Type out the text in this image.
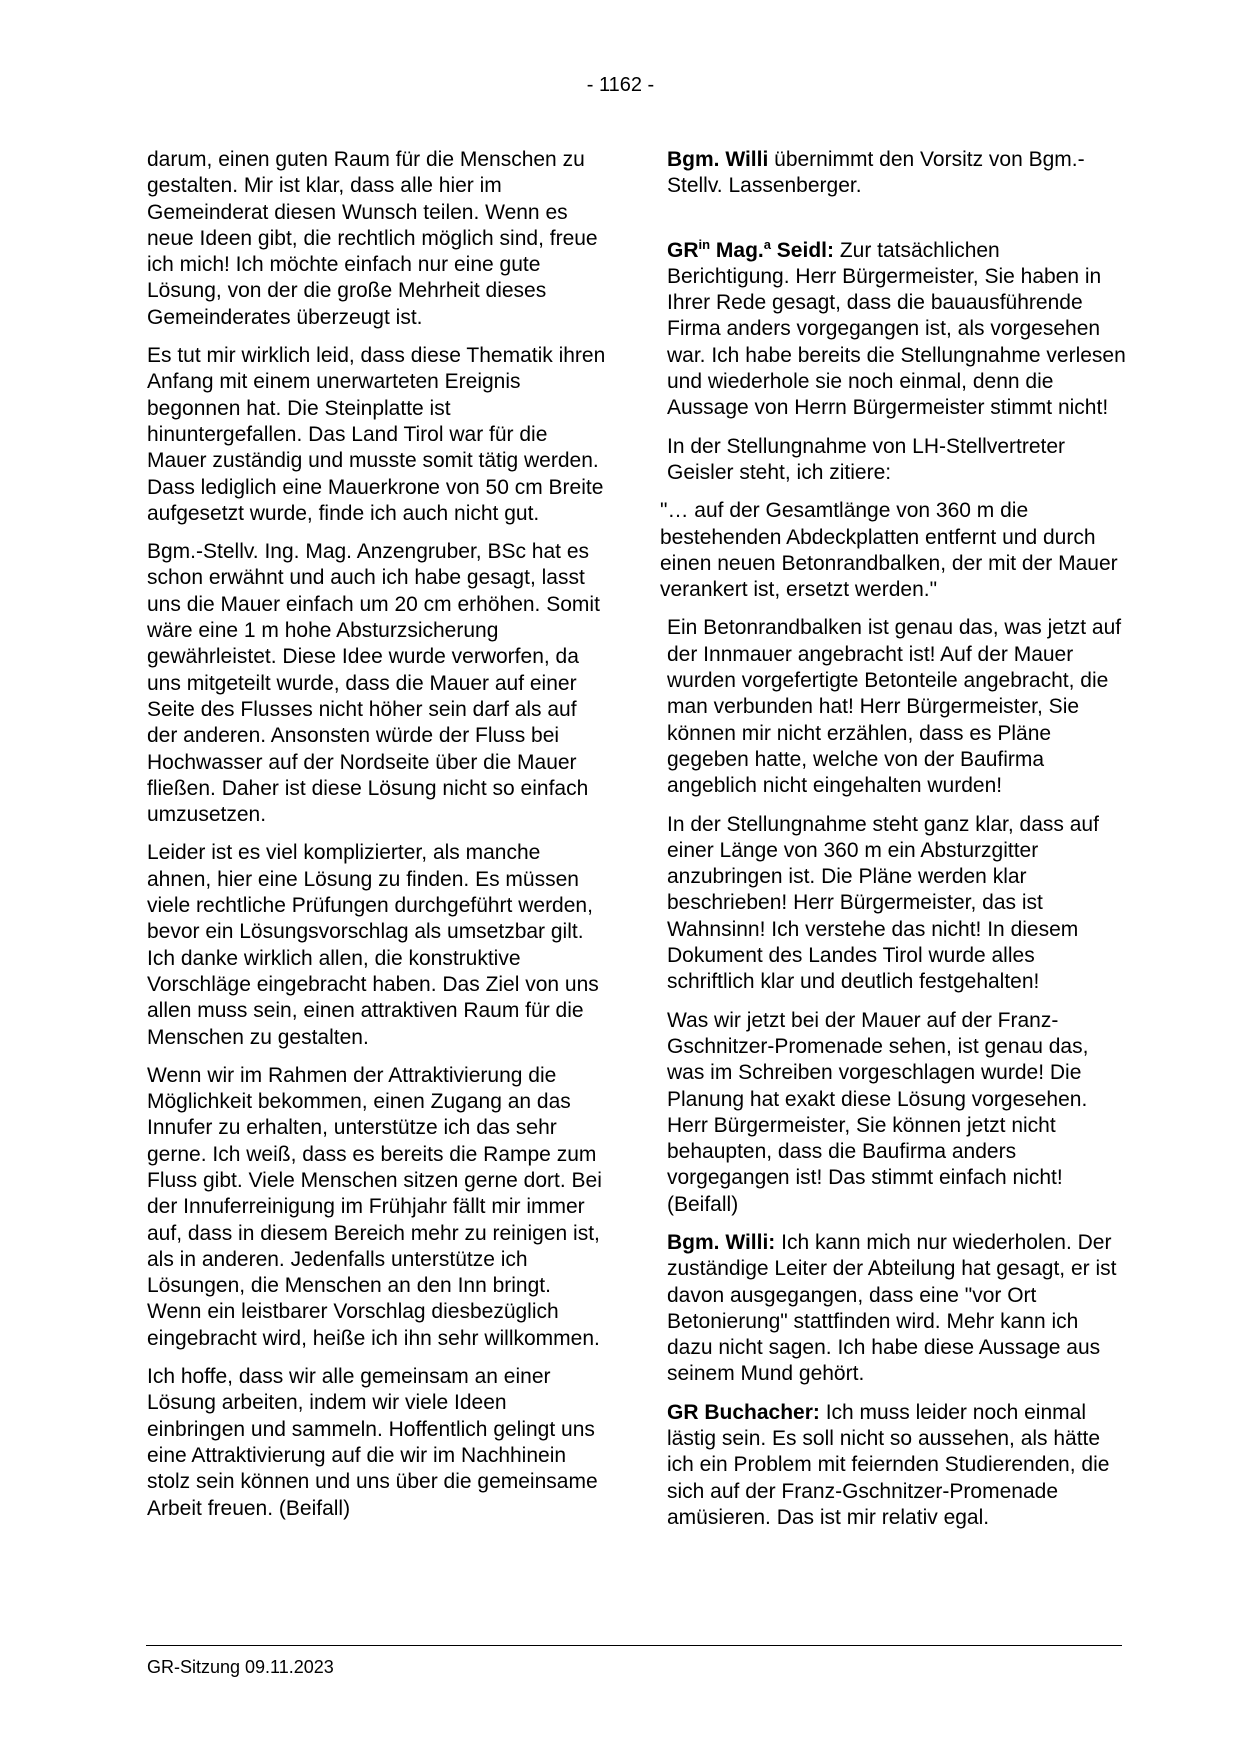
- 1162 -

darum, einen guten Raum für die Menschen zu gestalten. Mir ist klar, dass alle hier im Gemeinderat diesen Wunsch teilen. Wenn es neue Ideen gibt, die rechtlich möglich sind, freue ich mich! Ich möchte einfach nur eine gute Lösung, von der die große Mehrheit dieses Gemeinderates überzeugt ist.

Es tut mir wirklich leid, dass diese Thematik ihren Anfang mit einem unerwarteten Ereignis begonnen hat. Die Steinplatte ist hinuntergefallen. Das Land Tirol war für die Mauer zuständig und musste somit tätig werden. Dass lediglich eine Mauerkrone von 50 cm Breite aufgesetzt wurde, finde ich auch nicht gut.

Bgm.-Stellv. Ing. Mag. Anzengruber, BSc hat es schon erwähnt und auch ich habe gesagt, lasst uns die Mauer einfach um 20 cm erhöhen. Somit wäre eine 1 m hohe Absturzsicherung gewährleistet. Diese Idee wurde verworfen, da uns mitgeteilt wurde, dass die Mauer auf einer Seite des Flusses nicht höher sein darf als auf der anderen. Ansonsten würde der Fluss bei Hochwasser auf der Nordseite über die Mauer fließen. Daher ist diese Lösung nicht so einfach umzusetzen.

Leider ist es viel komplizierter, als manche ahnen, hier eine Lösung zu finden. Es müssen viele rechtliche Prüfungen durchgeführt werden, bevor ein Lösungsvorschlag als umsetzbar gilt. Ich danke wirklich allen, die konstruktive Vorschläge eingebracht haben. Das Ziel von uns allen muss sein, einen attraktiven Raum für die Menschen zu gestalten.

Wenn wir im Rahmen der Attraktivierung die Möglichkeit bekommen, einen Zugang an das Innufer zu erhalten, unterstütze ich das sehr gerne. Ich weiß, dass es bereits die Rampe zum Fluss gibt. Viele Menschen sitzen gerne dort. Bei der Innuferreinigung im Frühjahr fällt mir immer auf, dass in diesem Bereich mehr zu reinigen ist, als in anderen. Jedenfalls unterstütze ich Lösungen, die Menschen an den Inn bringt. Wenn ein leistbarer Vorschlag diesbezüglich eingebracht wird, heiße ich ihn sehr willkommen.

Ich hoffe, dass wir alle gemeinsam an einer Lösung arbeiten, indem wir viele Ideen einbringen und sammeln. Hoffentlich gelingt uns eine Attraktivierung auf die wir im Nachhinein stolz sein können und uns über die gemeinsame Arbeit freuen. (Beifall)

Bgm. Willi übernimmt den Vorsitz von Bgm.-Stellv. Lassenberger.

$GR^{in}$ Mag.$^a$ Seidl: Zur tatsächlichen Berichtigung. Herr Bürgermeister, Sie haben in Ihrer Rede gesagt, dass die bauausführende Firma anders vorgegangen ist, als vorgesehen war. Ich habe bereits die Stellungnahme verlesen und wiederhole sie noch einmal, denn die Aussage von Herrn Bürgermeister stimmt nicht!

In der Stellungnahme von LH-Stellvertreter Geisler steht, ich zitiere:

"… auf der Gesamtlänge von 360 m die bestehenden Abdeckplatten entfernt und durch einen neuen Betonrandbalken, der mit der Mauer verankert ist, ersetzt werden."

Ein Betonrandbalken ist genau das, was jetzt auf der Innmauer angebracht ist! Auf der Mauer wurden vorgefertigte Betonteile angebracht, die man verbunden hat! Herr Bürgermeister, Sie können mir nicht erzählen, dass es Pläne gegeben hatte, welche von der Baufirma angeblich nicht eingehalten wurden!

In der Stellungnahme steht ganz klar, dass auf einer Länge von 360 m ein Absturzgitter anzubringen ist. Die Pläne werden klar beschrieben! Herr Bürgermeister, das ist Wahnsinn! Ich verstehe das nicht! In diesem Dokument des Landes Tirol wurde alles schriftlich klar und deutlich festgehalten!

Was wir jetzt bei der Mauer auf der Franz-Gschnitzer-Promenade sehen, ist genau das, was im Schreiben vorgeschlagen wurde! Die Planung hat exakt diese Lösung vorgesehen. Herr Bürgermeister, Sie können jetzt nicht behaupten, dass die Baufirma anders vorgegangen ist! Das stimmt einfach nicht! (Beifall)

Bgm. Willi: Ich kann mich nur wiederholen. Der zuständige Leiter der Abteilung hat gesagt, er ist davon ausgegangen, dass eine "vor Ort Betonierung" stattfinden wird. Mehr kann ich dazu nicht sagen. Ich habe diese Aussage aus seinem Mund gehört.

GR Buchacher: Ich muss leider noch einmal lästig sein. Es soll nicht so aussehen, als hätte ich ein Problem mit feiernden Studierenden, die sich auf der Franz-Gschnitzer-Promenade amüsieren. Das ist mir relativ egal.

GR-Sitzung 09.11.2023
